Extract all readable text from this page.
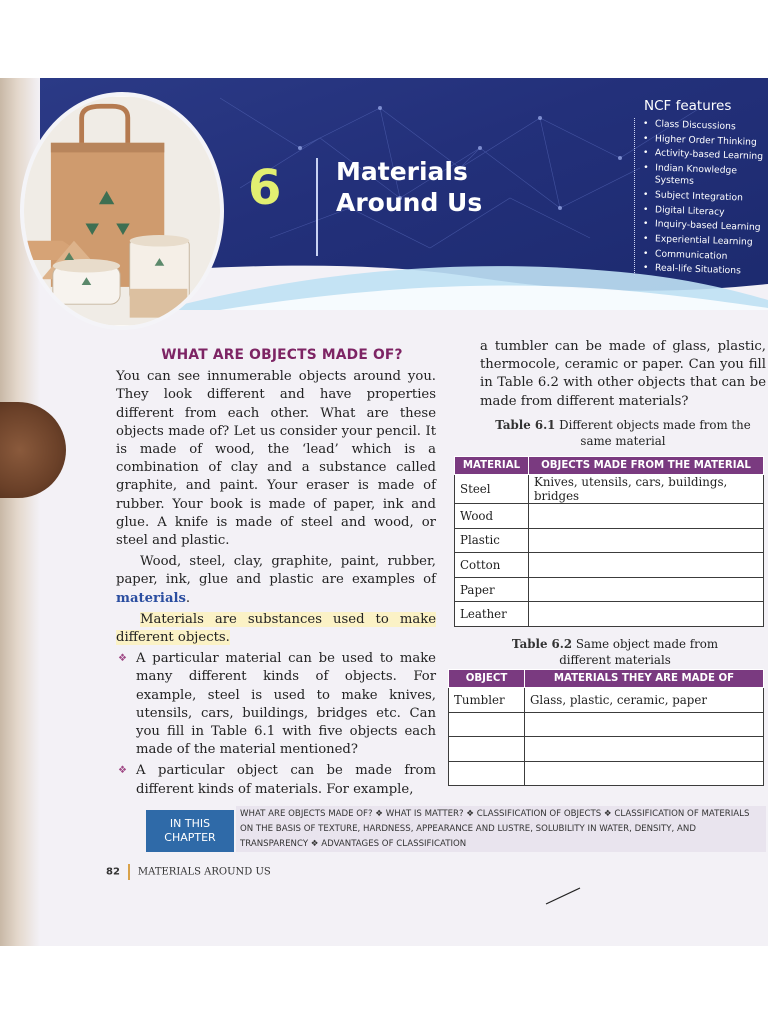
6 Materials Around Us
NCF features
• Class Discussions
• Higher Order Thinking
• Activity-based Learning
• Indian Knowledge Systems
• Subject Integration
• Digital Literacy
• Inquiry-based Learning
• Experiential Learning
• Communication
• Real-life Situations
WHAT ARE OBJECTS MADE OF?

You can see innumerable objects around you. They look different and have properties different from each other. What are these objects made of? Let us consider your pencil. It is made of wood, the ‘lead’ which is a combination of clay and a substance called graphite, and paint. Your eraser is made of rubber. Your book is made of paper, ink and glue. A knife is made of steel and wood, or steel and plastic.

Wood, steel, clay, graphite, paint, rubber, paper, ink, glue and plastic are examples of materials.

Materials are substances used to make different objects.

❖ A particular material can be used to make many different kinds of objects. For example, steel is used to make knives, utensils, cars, buildings, bridges etc. Can you fill in Table 6.1 with five objects each made of the material mentioned?

❖ A particular object can be made from different kinds of materials. For example,

a tumbler can be made of glass, plastic, thermocole, ceramic or paper. Can you fill in Table 6.2 with other objects that can be made from different materials?

Table 6.1 Different objects made from the same material

MATERIAL	OBJECTS MADE FROM THE MATERIAL
Steel	Knives, utensils, cars, buildings, bridges
Wood	
Plastic	
Cotton	
Paper	
Leather	

Table 6.2 Same object made from different materials

OBJECT	MATERIALS THEY ARE MADE OF
Tumbler	Glass, plastic, ceramic, paper

IN THIS
CHAPTER
WHAT ARE OBJECTS MADE OF? ❖ WHAT IS MATTER? ❖ CLASSIFICATION OF OBJECTS ❖ CLASSIFICATION OF MATERIALS ON THE BASIS OF TEXTURE, HARDNESS, APPEARANCE AND LUSTRE, SOLUBILITY IN WATER, DENSITY, AND TRANSPARENCY ❖ ADVANTAGES OF CLASSIFICATION
82 MATERIALS AROUND US
